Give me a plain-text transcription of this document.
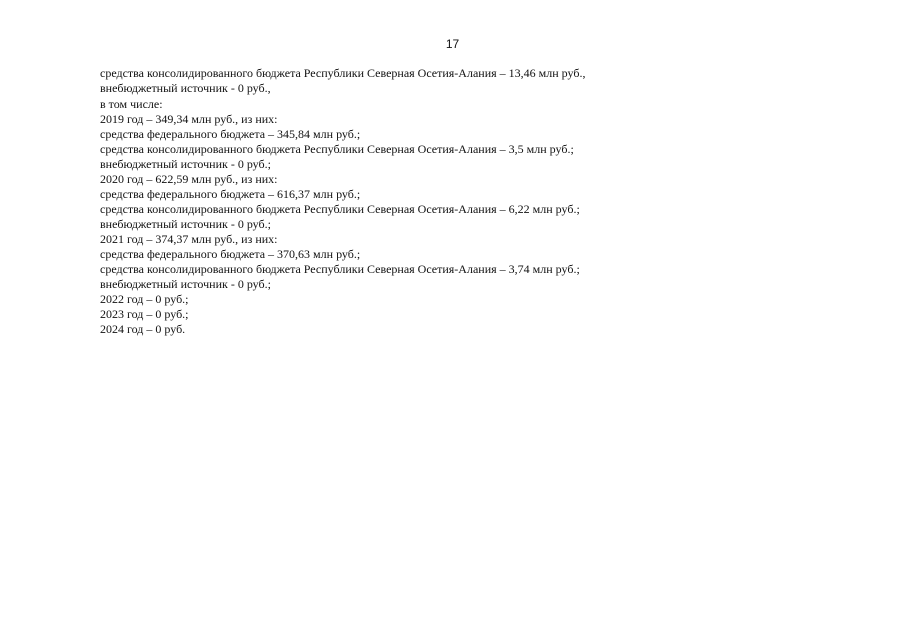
17
средства консолидированного бюджета Республики Северная Осетия-Алания – 13,46 млн руб.,
внебюджетный источник - 0 руб.,
в том числе:
2019 год – 349,34 млн руб., из них:
средства федерального бюджета – 345,84 млн руб.;
средства консолидированного бюджета Республики Северная Осетия-Алания – 3,5 млн руб.;
внебюджетный источник - 0 руб.;
2020 год – 622,59 млн руб., из них:
средства федерального бюджета – 616,37 млн руб.;
средства консолидированного бюджета Республики Северная Осетия-Алания – 6,22 млн руб.;
внебюджетный источник - 0 руб.;
2021 год – 374,37 млн руб., из них:
средства федерального бюджета – 370,63 млн руб.;
средства консолидированного бюджета Республики Северная Осетия-Алания – 3,74 млн руб.;
внебюджетный источник - 0 руб.;
2022 год – 0 руб.;
2023 год – 0 руб.;
2024 год – 0 руб.
